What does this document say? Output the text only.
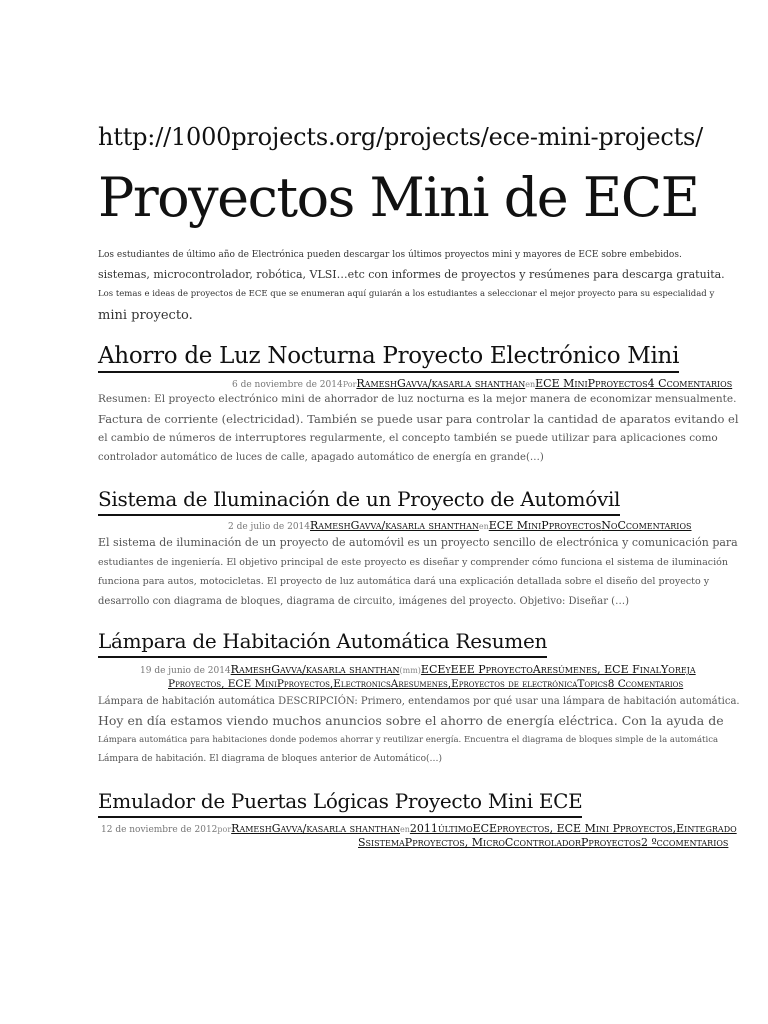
http://1000projects.org/projects/ece-mini-projects/
Proyectos Mini de ECE
Los estudiantes de último año de Electrónica pueden descargar los últimos proyectos mini y mayores de ECE sobre embebidos.
sistemas, microcontrolador, robótica, VLSI…etc con informes de proyectos y resúmenes para descarga gratuita.
Los temas e ideas de proyectos de ECE que se enumeran aquí guiarán a los estudiantes a seleccionar el mejor proyecto para su especialidad y
mini proyecto.
Ahorro de Luz Nocturna Proyecto Electrónico Mini
6 de noviembre de 2014PorRameshGavva/kasarla shanthanenECE MiniPproyectos4 Ccomentarios
Resumen: El proyecto electrónico mini de ahorrador de luz nocturna es la mejor manera de economizar mensualmente.
Factura de corriente (electricidad). También se puede usar para controlar la cantidad de aparatos evitando el
el cambio de números de interruptores regularmente, el concepto también se puede utilizar para aplicaciones como
controlador automático de luces de calle, apagado automático de energía en grande(…)
Sistema de Iluminación de un Proyecto de Automóvil
2 de julio de 2014RameshGavva/kasarla shanthanenECE MiniPproyectosNoCcomentarios
El sistema de iluminación de un proyecto de automóvil es un proyecto sencillo de electrónica y comunicación para
estudiantes de ingeniería. El objetivo principal de este proyecto es diseñar y comprender cómo funciona el sistema de iluminación
funciona para autos, motocicletas. El proyecto de luz automática dará una explicación detallada sobre el diseño del proyecto y
desarrollo con diagrama de bloques, diagrama de circuito, imágenes del proyecto. Objetivo: Diseñar (…)
Lámpara de Habitación Automática Resumen
19 de junio de 2014RameshGavva/kasarla shanthan(mm)ECEyEEE PproyectoAresúmenes, ECE FinalYoreja
Pproyectos, ECE MiniPproyectos,ElectronicsAresumenes,Eproyectos de electrónicaTopics8 Ccomentarios
Lámpara de habitación automática DESCRIPCIÓN: Primero, entendamos por qué usar una lámpara de habitación automática.
Hoy en día estamos viendo muchos anuncios sobre el ahorro de energía eléctrica. Con la ayuda de
Lámpara automática para habitaciones donde podemos ahorrar y reutilizar energía. Encuentra el diagrama de bloques simple de la automática
Lámpara de habitación. El diagrama de bloques anterior de Automático(…)
Emulador de Puertas Lógicas Proyecto Mini ECE
12 de noviembre de 2012porRameshGavva/kasarla shanthanen2011últimoECEproyectos, ECE Mini Pproyectos,Eintegrado
SsistemaPproyectos, MicroCcontroladorPproyectos2 ºccomentarios
